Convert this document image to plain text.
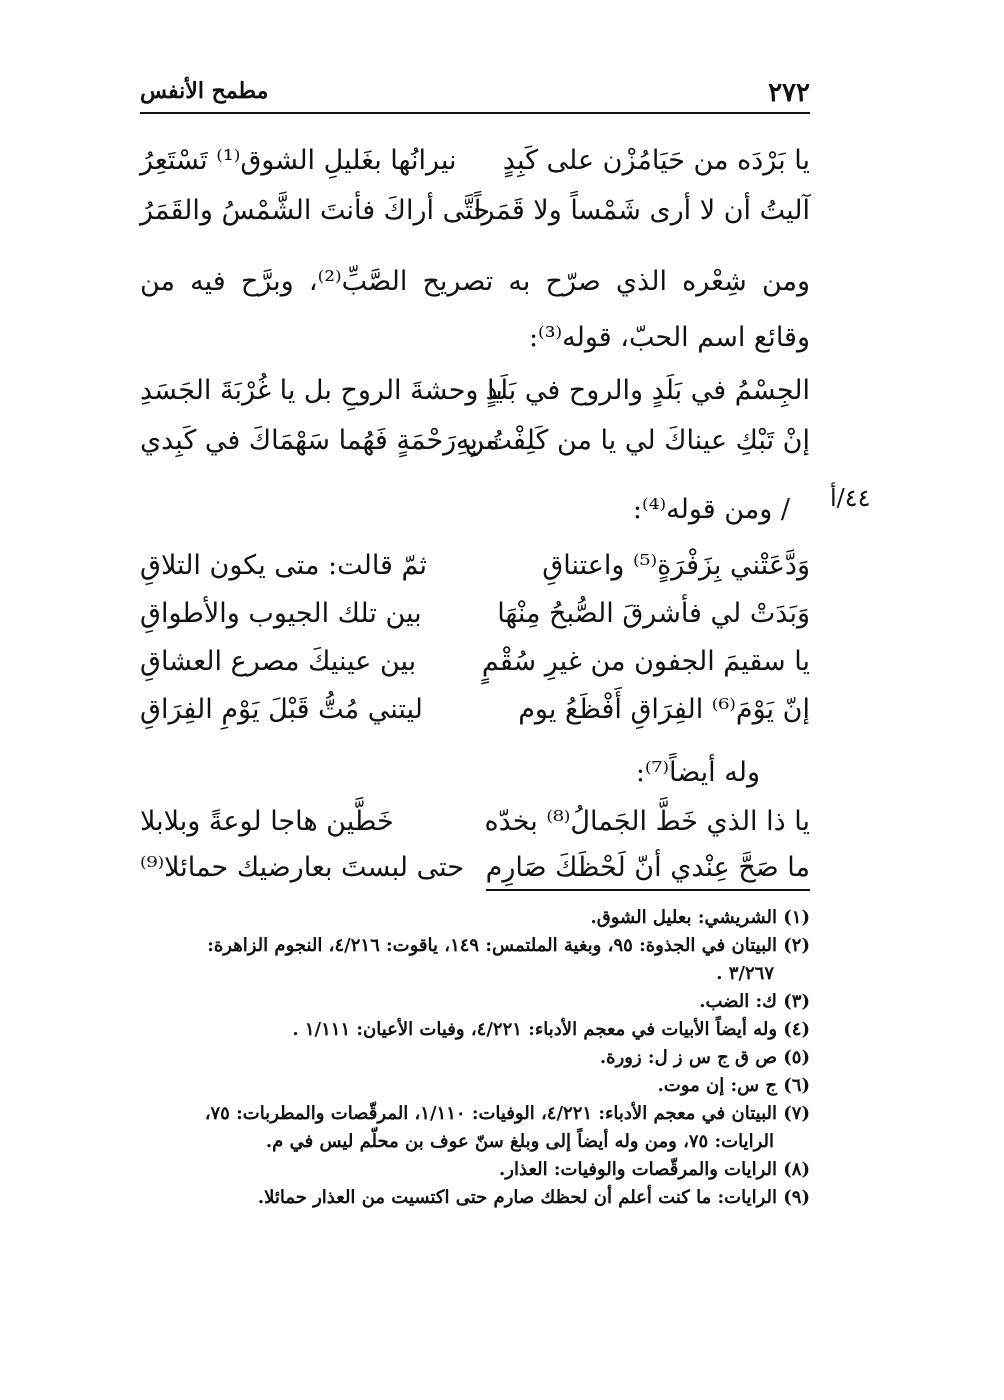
٢٧٢
مطمح الأنفس
يا بَرْدَه من حَيَامُزْن على كَبِدٍ
نيرانُها بغَليلِ الشوق⁽¹⁾ تَسْتَعِرُ
آليتُ أن لا أرى شَمْساً ولا قَمَراً
حتَّى أراكَ فأنتَ الشَّمْسُ والقَمَرُ
ومن شِعْره الذي صرّح به تصريح الصَّبِّ⁽²⁾، وبرَّح فيه من وقائع اسم الحبّ، قوله⁽³⁾:
الجِسْمُ في بَلَدٍ والروح في بَلَدٍ
يا وحشةَ الروحِ بل يا غُرْبَةَ الجَسَدِ
إنْ تَبْكِ عيناكَ لي يا من كَلِفْتُ بِهِ
من رَحْمَةٍ فَهُما سَهْمَاكَ في كَبِدي
٤٤/أ
/ ومن قوله⁽⁴⁾:
وَدَّعَتْني بِزَفْرَةٍ⁽⁵⁾ واعتناقِ
ثمّ قالت: متى يكون التلاقِ
وَبَدَتْ لي فأشرقَ الصُّبحُ مِنْهَا
بين تلك الجيوب والأطواقِ
يا سقيمَ الجفون من غيرِ سُقْمٍ
بين عينيكَ مصرع العشاقِ
إنّ يَوْمَ⁽⁶⁾ الفِرَاقِ أَفْظَعُ يوم
ليتني مُتُّ قَبْلَ يَوْمِ الفِرَاقِ
وله أيضاً⁽⁷⁾:
يا ذا الذي خَطَّ الجَمالُ⁽⁸⁾ بخدّه
خَطَّين هاجا لوعةً وبلابلا
ما صَحَّ عِنْدي أنّ لَحْظَكَ صَارِم
حتى لبستَ بعارضيك حمائلا⁽⁹⁾
(١) الشريشي: بعليل الشوق.
(٢) البيتان في الجذوة: ٩٥، وبغية الملتمس: ١٤٩، ياقوت: ٤/٢١٦، النجوم الزاهرة:
٣/٢٦٧ .
(٣) ك: الضب.
(٤) وله أيضاً الأبيات في معجم الأدباء: ٤/٢٢١، وفيات الأعيان: ١/١١١ .
(٥) ص ق ج س ز ل: زورة.
(٦) ج س: إن موت.
(٧) البيتان في معجم الأدباء: ٤/٢٢١، الوفيات: ١/١١٠، المرقّصات والمطربات: ٧٥،
الرايات: ٧٥، ومن وله أيضاً إلى وبلغ سنّ عوف بن محلّم ليس في م.
(٨) الرايات والمرقّصات والوفيات: العذار.
(٩) الرايات: ما كنت أعلم أن لحظك صارم حتى اكتسيت من العذار حمائلا.
